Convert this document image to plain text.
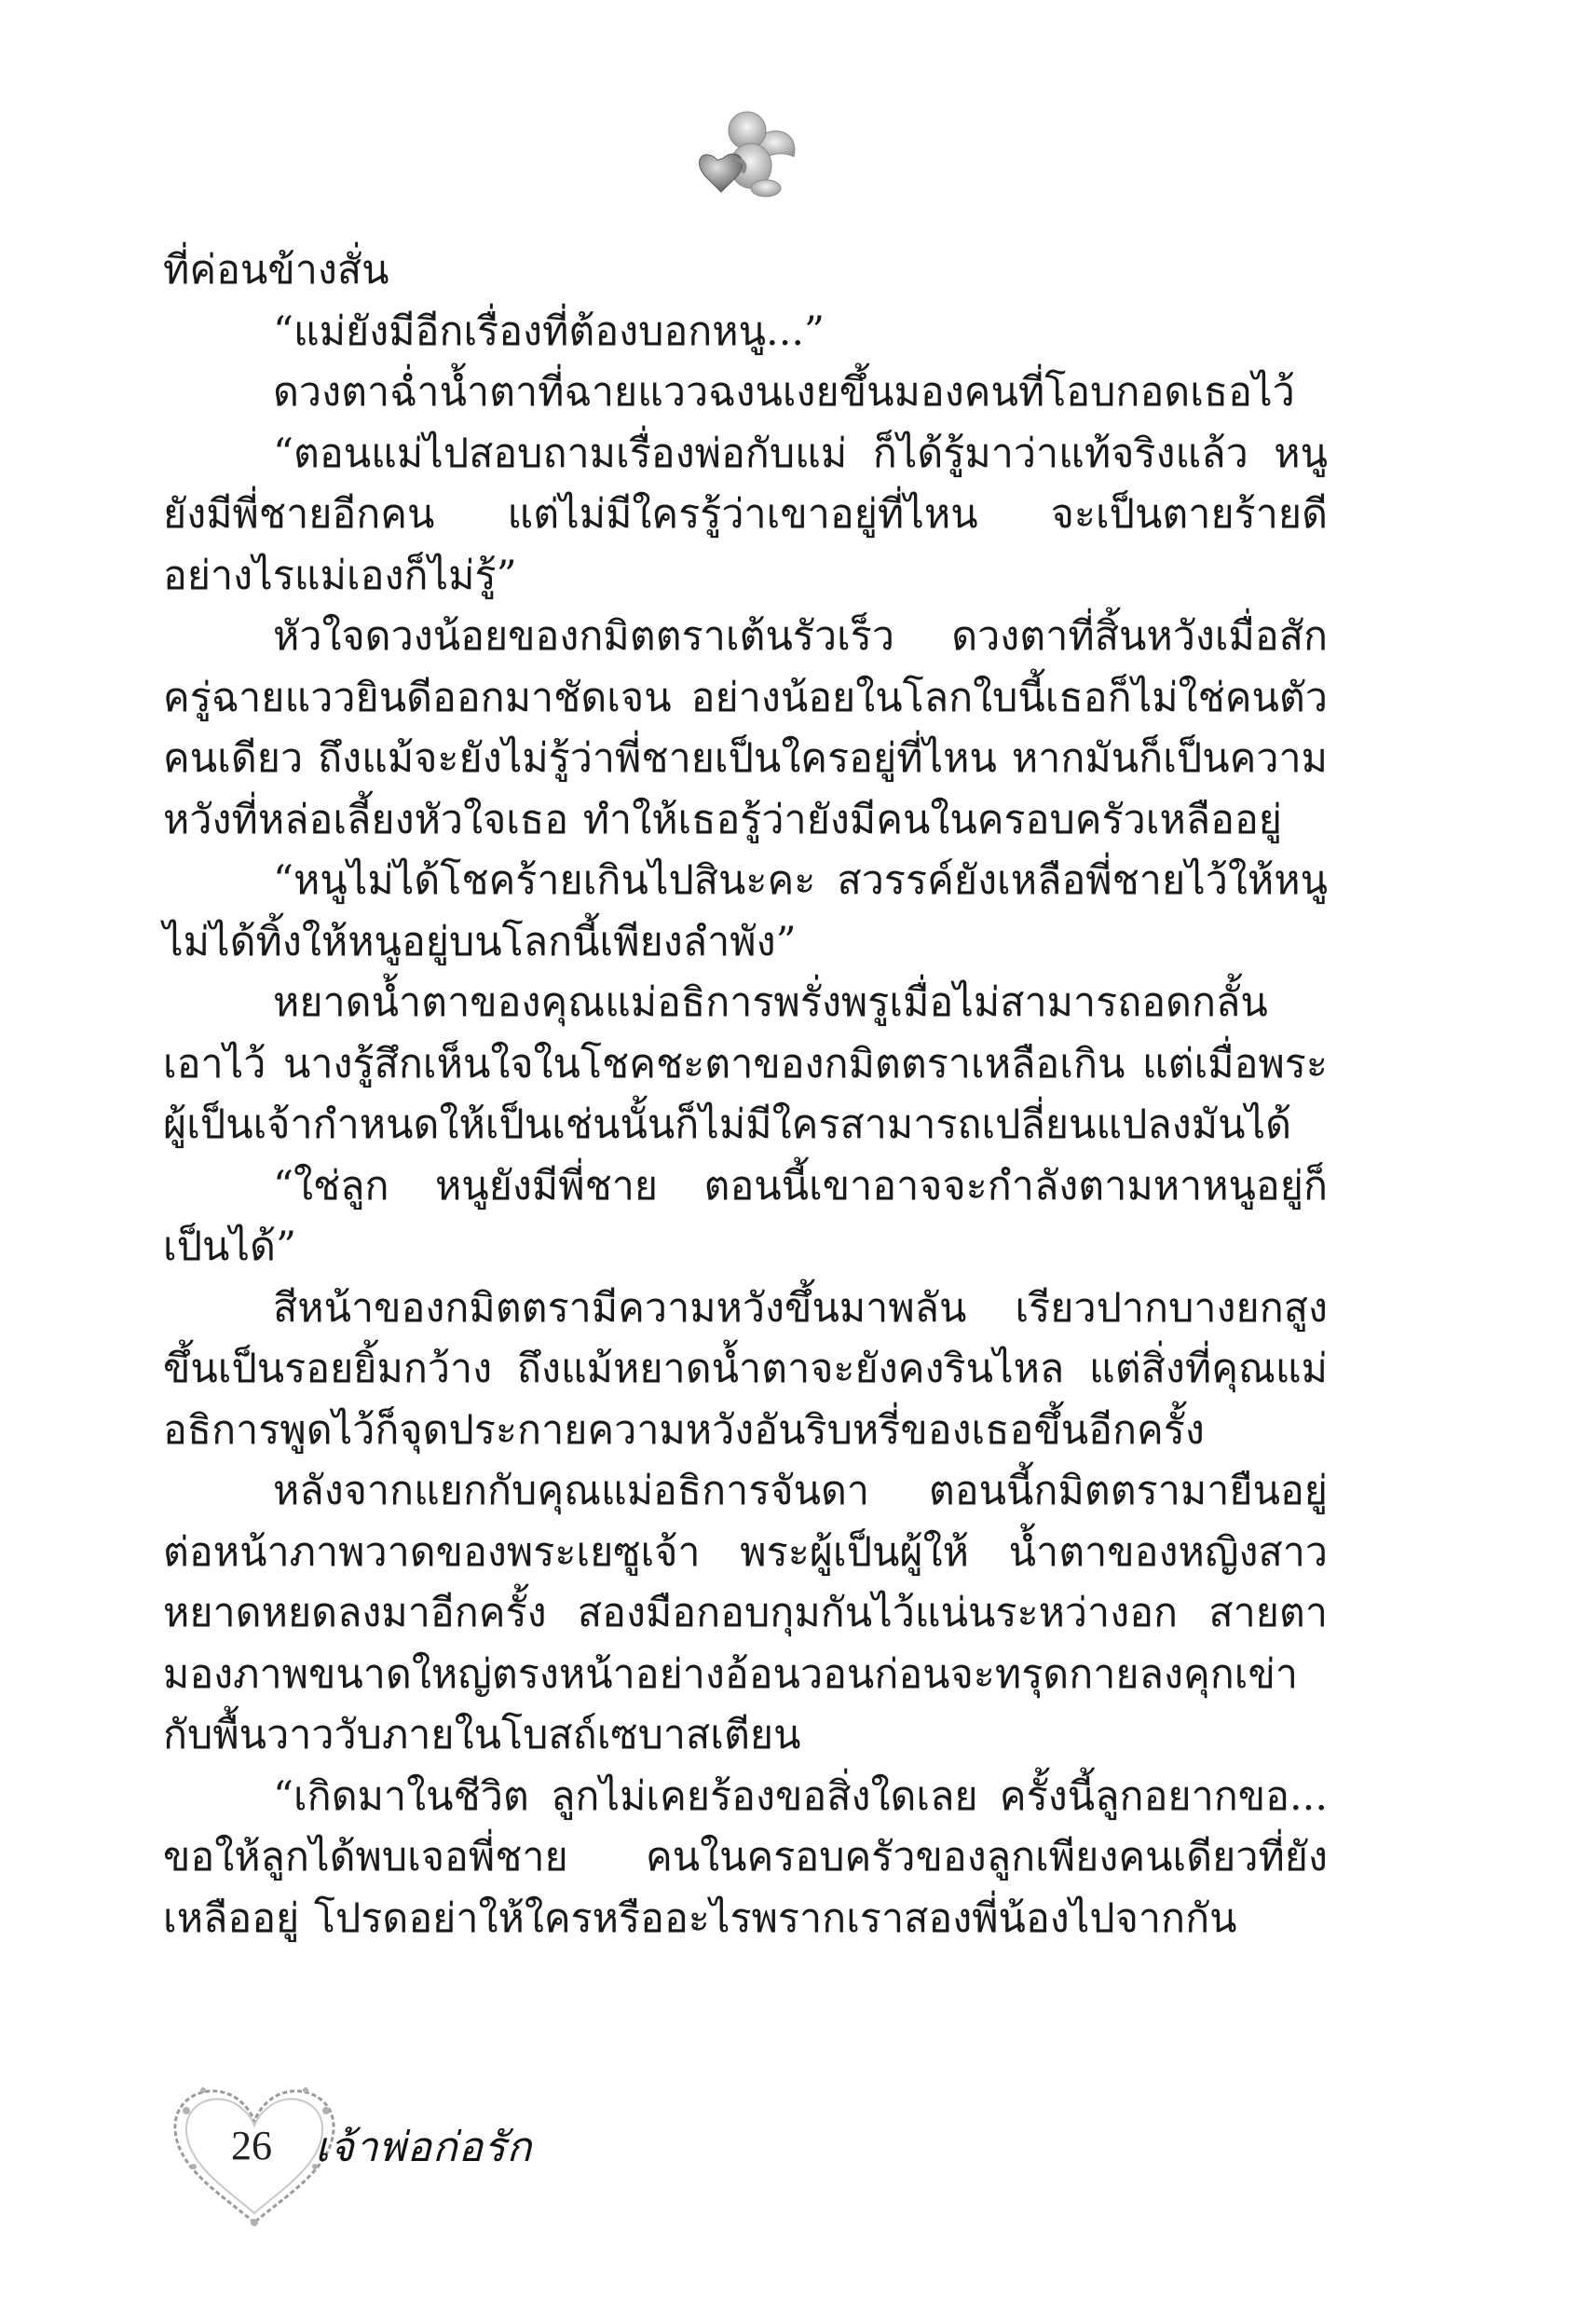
ที่ค่อนข้างสั่น

“แม่ยังมีอีกเรื่องที่ต้องบอกหนู...”

ดวงตาฉ่ำน้ำตาที่ฉายแววฉงนเงยขึ้นมองคนที่โอบกอดเธอไว้

“ตอนแม่ไปสอบถามเรื่องพ่อกับแม่ ก็ได้รู้มาว่าแท้จริงแล้ว หนูยังมีพี่ชายอีกคน แต่ไม่มีใครรู้ว่าเขาอยู่ที่ไหน จะเป็นตายร้ายดีอย่างไรแม่เองก็ไม่รู้”

หัวใจดวงน้อยของกมิตตราเต้นรัวเร็ว ดวงตาที่สิ้นหวังเมื่อสักครู่ฉายแววยินดีออกมาชัดเจน อย่างน้อยในโลกใบนี้เธอก็ไม่ใช่คนตัวคนเดียว ถึงแม้จะยังไม่รู้ว่าพี่ชายเป็นใครอยู่ที่ไหน หากมันก็เป็นความหวังที่หล่อเลี้ยงหัวใจเธอ ทำให้เธอรู้ว่ายังมีคนในครอบครัวเหลืออยู่

“หนูไม่ได้โชคร้ายเกินไปสินะคะ สวรรค์ยังเหลือพี่ชายไว้ให้หนูไม่ได้ทิ้งให้หนูอยู่บนโลกนี้เพียงลำพัง”

หยาดน้ำตาของคุณแม่อธิการพรั่งพรูเมื่อไม่สามารถอดกลั้นเอาไว้ นางรู้สึกเห็นใจในโชคชะตาของกมิตตราเหลือเกิน แต่เมื่อพระผู้เป็นเจ้ากำหนดให้เป็นเช่นนั้นก็ไม่มีใครสามารถเปลี่ยนแปลงมันได้

“ใช่ลูก หนูยังมีพี่ชาย ตอนนี้เขาอาจจะกำลังตามหาหนูอยู่ก็เป็นได้”

สีหน้าของกมิตตรามีความหวังขึ้นมาพลัน เรียวปากบางยกสูงขึ้นเป็นรอยยิ้มกว้าง ถึงแม้หยาดน้ำตาจะยังคงรินไหล แต่สิ่งที่คุณแม่อธิการพูดไว้ก็จุดประกายความหวังอันริบหรี่ของเธอขึ้นอีกครั้ง

หลังจากแยกกับคุณแม่อธิการจันดา ตอนนี้กมิตตรามายืนอยู่ต่อหน้าภาพวาดของพระเยซูเจ้า พระผู้เป็นผู้ให้ น้ำตาของหญิงสาวหยาดหยดลงมาอีกครั้ง สองมือกอบกุมกันไว้แน่นระหว่างอก สายตามองภาพขนาดใหญ่ตรงหน้าอย่างอ้อนวอนก่อนจะทรุดกายลงคุกเข่ากับพื้นวาววับภายในโบสถ์เซบาสเตียน

“เกิดมาในชีวิต ลูกไม่เคยร้องขอสิ่งใดเลย ครั้งนี้ลูกอยากขอ... ขอให้ลูกได้พบเจอพี่ชาย คนในครอบครัวของลูกเพียงคนเดียวที่ยังเหลืออยู่ โปรดอย่าให้ใครหรืออะไรพรากเราสองพี่น้องไปจากกัน

26	เจ้าพ่อก่อรัก
